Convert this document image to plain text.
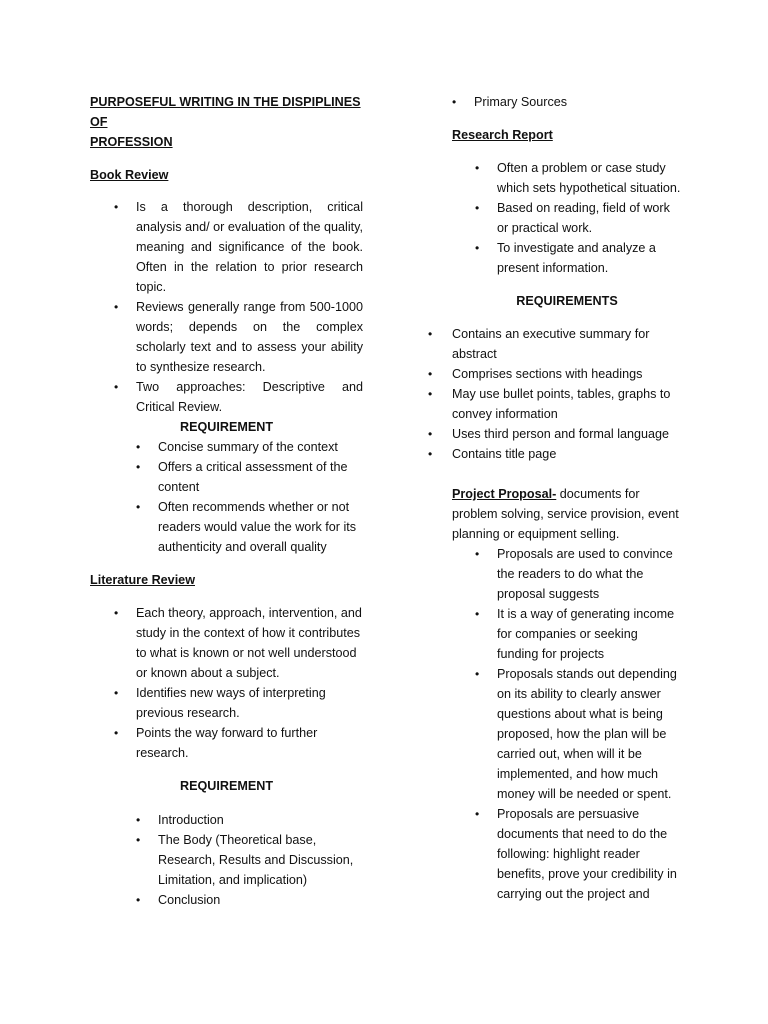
PURPOSEFUL WRITING IN THE DISPIPLINES OF
PROFESSION

Book Review

• Is a thorough description, critical analysis and/ or evaluation of the quality, meaning and significance of the book. Often in the relation to prior research topic.
• Reviews generally range from 500-1000 words; depends on the complex scholarly text and to assess your ability to synthesize research.
• Two approaches: Descriptive and Critical Review.

REQUIREMENT

• Concise summary of the context
• Offers a critical assessment of the content
• Often recommends whether or not readers would value the work for its authenticity and overall quality

Literature Review

• Each theory, approach, intervention, and study in the context of how it contributes to what is known or not well understood or known about a subject.
• Identifies new ways of interpreting previous research.
• Points the way forward to further research.

REQUIREMENT

• Introduction
• The Body (Theoretical base, Research, Results and Discussion, Limitation, and implication)
• Conclusion
• Primary Sources

Research Report

• Often a problem or case study which sets hypothetical situation.
• Based on reading, field of work or practical work.
• To investigate and analyze a present information.

REQUIREMENTS

• Contains an executive summary for abstract
• Comprises sections with headings
• May use bullet points, tables, graphs to convey information
• Uses third person and formal language
• Contains title page

Project Proposal- documents for problem solving, service provision, event planning or equipment selling.

• Proposals are used to convince the readers to do what the proposal suggests
• It is a way of generating income for companies or seeking funding for projects
• Proposals stands out depending on its ability to clearly answer questions about what is being proposed, how the plan will be carried out, when will it be implemented, and how much money will be needed or spent.
• Proposals are persuasive documents that need to do the following: highlight reader benefits, prove your credibility in carrying out the project and
